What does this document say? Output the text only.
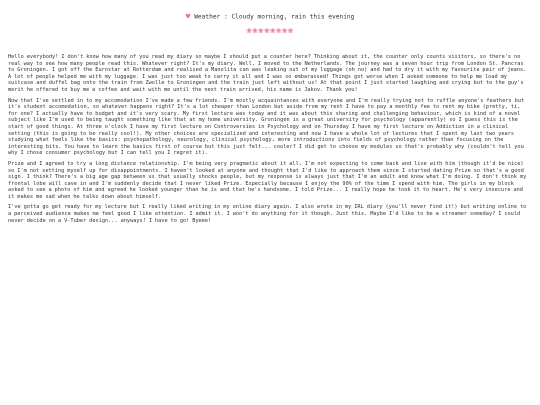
♥ Weather : Cloudy morning, rain this evening
❀❀❀❀❀❀❀❀

Hello everybody! I don't know how many of you read my diary so maybe I should put a counter here? Thinking about it, the counter only counts visitors, so there's no real way to see how many people read this. Whatever right? It's my diary. Well, I moved to the Netherlands. The journey was a seven hour trip from London St. Pancras to Groningen. I got off the Eurostar at Rotterdam and realised a Manolita can was leaking out of my luggage (oh no) and had to dry it with my favourite pair of jeans. A lot of people helped me with my luggage. I was just too weak to carry it all and I was so embarassed! Things got worse when I asked someone to help me load my suitcase and duffel bag onto the train from Zwolle to Groningen and the train just left without us! At that point I just started laughing and crying but to the guy's merit he offered to buy me a coffee and wait with me until the next train arrived, his name is Jakov. Thank you!

Now that I've settled in to my accomodation I've made a few friends. I'm mostly acquaintances with everyone and I'm really trying not to ruffle anyone's feathers but it's student accomodation, so whatever happens right? It's a lot cheaper than London but aside from my rent I have to pay a monthly fee to rent my bike (pretty, ti, for one? I actually have to budget and it's very scary. My first lecture was today and it was about this sharing and challenging behaviour, which is kind of a novel subject like I'm used to being taught something like that at my home university. Groningen is a great university for psychology (apparently) so I guess this is the start of good things. At three o'clock I have my first lecture on Controversies in Psychology and on Thursday I have my first lecture on Addiction in a clinical setting (this is going to be really cool!). My other choices are specialized and interesting and now I have a whole lot of lectures that I spent my last two years studying what feels like the basics: psychopathology, neurology, clinical psychology, more introductions into fields of psychology rather than focusing on the interesting bits. You have to learn the basics first of course but this just felt... cooler? I did get to choose my modules so that's probably why (couldn't tell you why I chose consumer psychology but I can tell you I regret it).

Prize and I agreed to try a long distance relationship. I'm being very pragmatic about it all, I'm not expecting to come back and live with him (though it'd be nice) so I'm not setting myself up for disappointments. I haven't looked at anyone and thought that I'd like to approach them since I started dating Prize so that's a good sign. I think? There's a big age gap between us that usually shocks people, but my response is always just that I'm an adult and know what I'm doing. I don't think my frontal lobe will cave in and I'm suddenly decide that I never liked Prize. Especially because I enjoy the 90% of the time I spend with him. The girls in my block asked to see a photo of him and agreed he looked younger than he is and that he's handsome. I told Prize... I really hope he took it to heart. He's very insecure and it makes me sad when he talks down about himself.

I've gotta go get ready for my lecture but I really liked writing in my online diary again. I also wrote in my IRL diary (you'll never find it!) but writing online to a perceived audience makes me feel good I like attention. I admit it. I won't do anything for it though. Just this. Maybe I'd like to be a streamer someday? I could never decide on a V-Tuber design... anyways! I have to go! Byeee!
